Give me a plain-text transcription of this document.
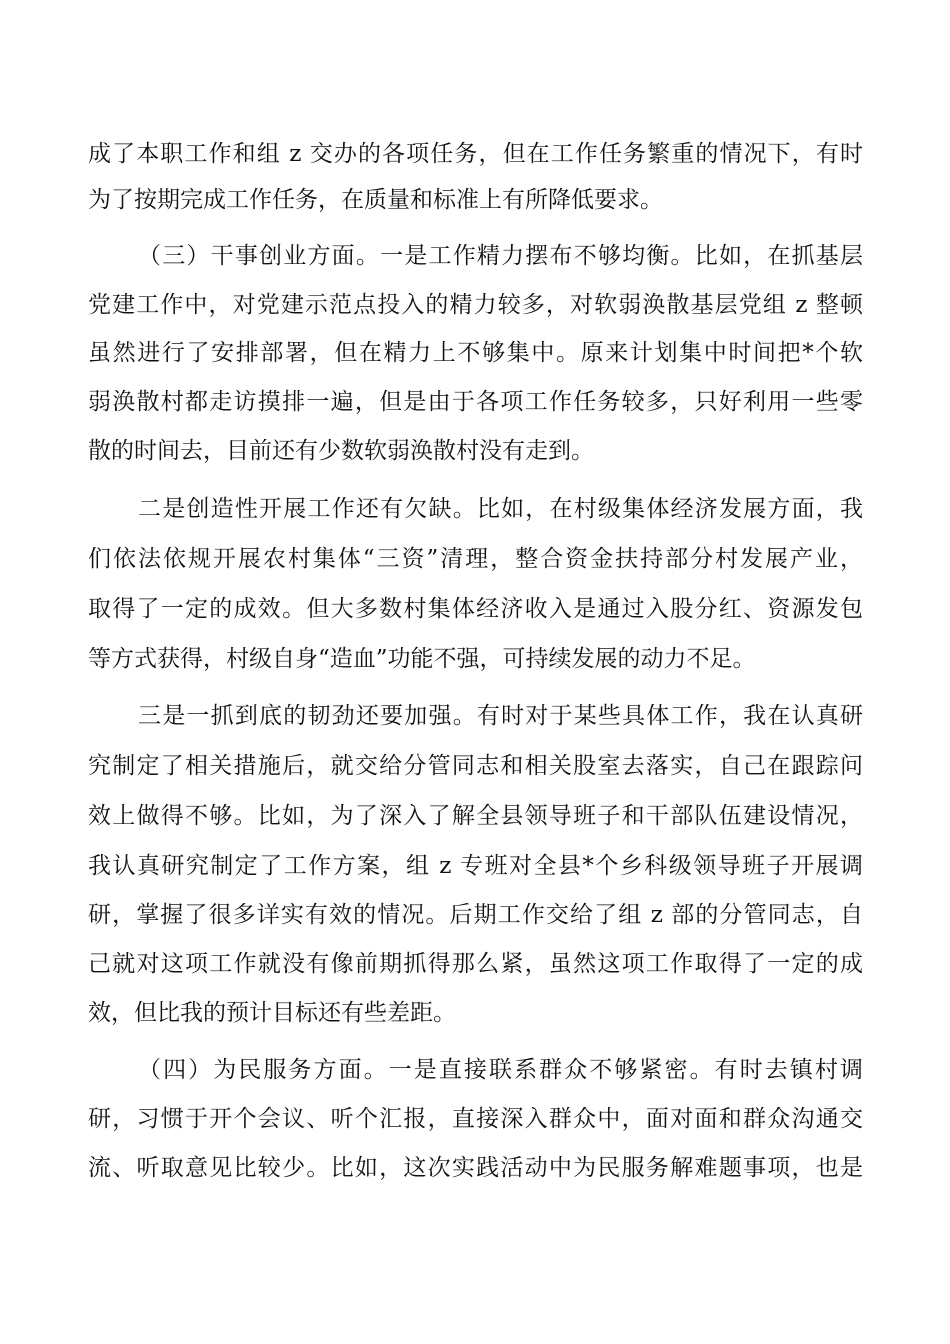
成了本职工作和组 z 交办的各项任务，但在工作任务繁重的情况下，有时
为了按期完成工作任务，在质量和标准上有所降低要求。
（三）干事创业方面。一是工作精力摆布不够均衡。比如，在抓基层
党建工作中，对党建示范点投入的精力较多，对软弱涣散基层党组 z 整顿
虽然进行了安排部署，但在精力上不够集中。原来计划集中时间把*个软
弱涣散村都走访摸排一遍，但是由于各项工作任务较多，只好利用一些零
散的时间去，目前还有少数软弱涣散村没有走到。
二是创造性开展工作还有欠缺。比如，在村级集体经济发展方面，我
们依法依规开展农村集体“三资”清理，整合资金扶持部分村发展产业，
取得了一定的成效。但大多数村集体经济收入是通过入股分红、资源发包
等方式获得，村级自身“造血”功能不强，可持续发展的动力不足。
三是一抓到底的韧劲还要加强。有时对于某些具体工作，我在认真研
究制定了相关措施后，就交给分管同志和相关股室去落实，自己在跟踪问
效上做得不够。比如，为了深入了解全县领导班子和干部队伍建设情况，
我认真研究制定了工作方案，组 z 专班对全县*个乡科级领导班子开展调
研，掌握了很多详实有效的情况。后期工作交给了组 z 部的分管同志，自
己就对这项工作就没有像前期抓得那么紧，虽然这项工作取得了一定的成
效，但比我的预计目标还有些差距。
（四）为民服务方面。一是直接联系群众不够紧密。有时去镇村调
研，习惯于开个会议、听个汇报，直接深入群众中，面对面和群众沟通交
流、听取意见比较少。比如，这次实践活动中为民服务解难题事项，也是
